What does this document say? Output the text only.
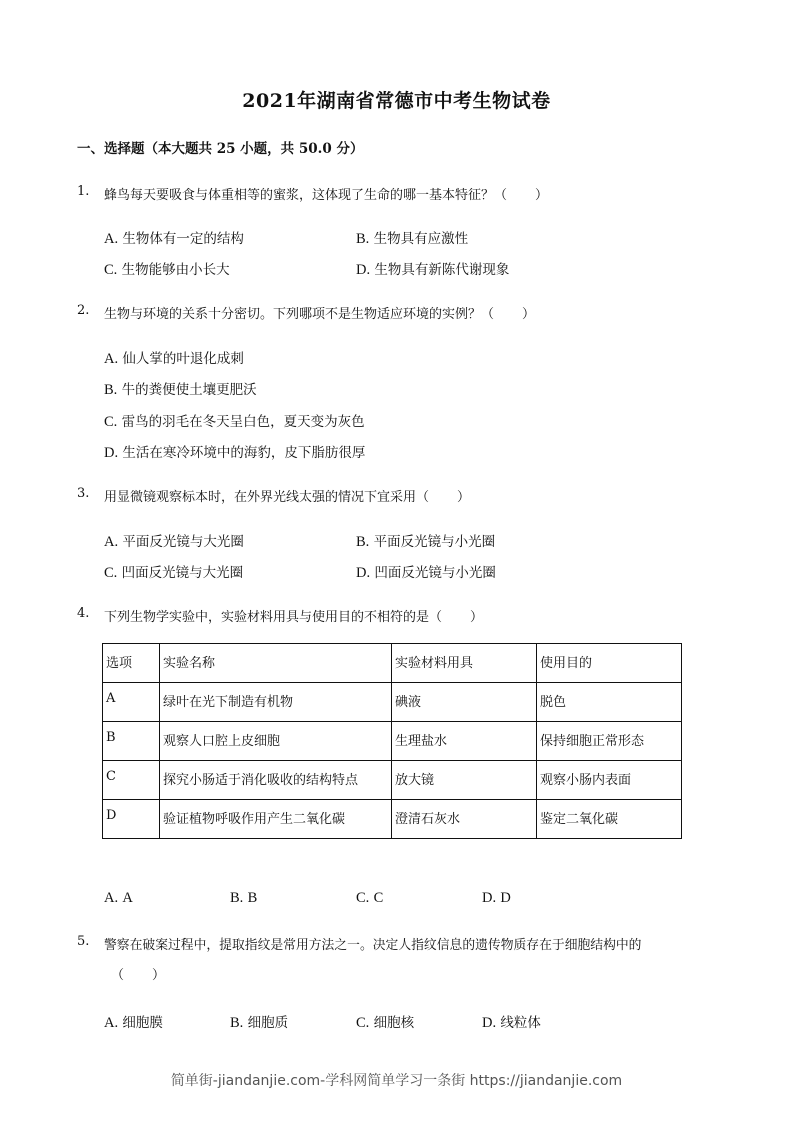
2021年湖南省常德市中考生物试卷
一、选择题（本大题共 25 小题，共 50.0 分）
1. 蜂鸟每天要吸食与体重相等的蜜浆，这体现了生命的哪一基本特征？（ ）
A. 生物体有一定的结构	B. 生物具有应激性
C. 生物能够由小长大	D. 生物具有新陈代谢现象
2. 生物与环境的关系十分密切。下列哪项不是生物适应环境的实例？（ ）
A. 仙人掌的叶退化成刺
B. 牛的粪便使土壤更肥沃
C. 雷鸟的羽毛在冬天呈白色，夏天变为灰色
D. 生活在寒冷环境中的海豹，皮下脂肪很厚
3. 用显微镜观察标本时，在外界光线太强的情况下宜采用（ ）
A. 平面反光镜与大光圈	B. 平面反光镜与小光圈
C. 凹面反光镜与大光圈	D. 凹面反光镜与小光圈
4. 下列生物学实验中，实验材料用具与使用目的不相符的是（ ）
选项	实验名称	实验材料用具	使用目的
A	绿叶在光下制造有机物	碘液	脱色
B	观察人口腔上皮细胞	生理盐水	保持细胞正常形态
C	探究小肠适于消化吸收的结构特点	放大镜	观察小肠内表面
D	验证植物呼吸作用产生二氧化碳	澄清石灰水	鉴定二氧化碳
A. A	B. B	C. C	D. D
5. 警察在破案过程中，提取指纹是常用方法之一。决定人指纹信息的遗传物质存在于细胞结构中的
（ ）
A. 细胞膜	B. 细胞质	C. 细胞核	D. 线粒体
简单街-jiandanjie.com-学科网简单学习一条街 https://jiandanjie.com
